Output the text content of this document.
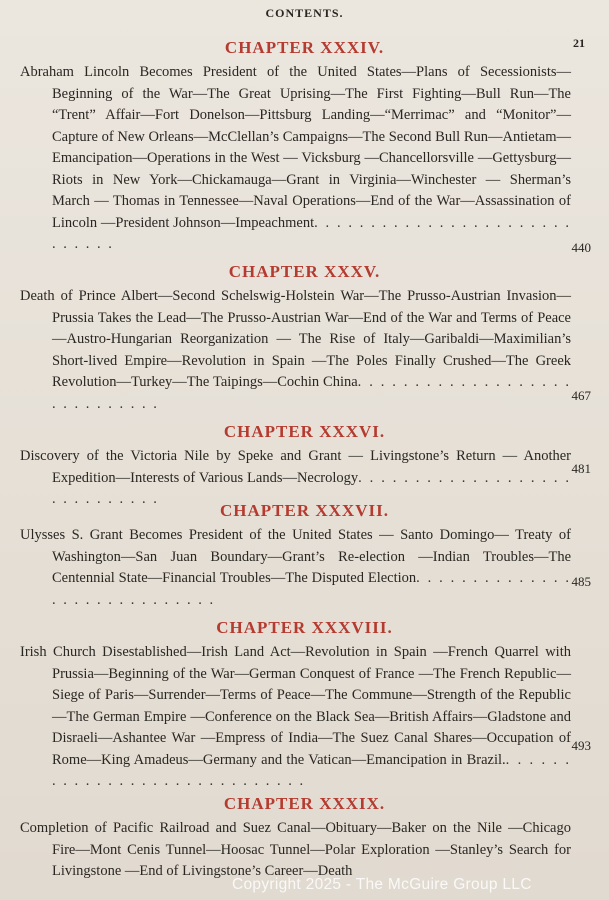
CONTENTS.
21
CHAPTER XXXIV.

Abraham Lincoln Becomes President of the United States—Plans of Secessionists—Beginning of the War—The Great Uprising—The First Fighting—Bull Run—The “Trent” Affair—Fort Donelson—Pittsburg Landing—“Merrimac” and “Monitor”—Capture of New Orleans—McClellan’s Campaigns—The Second Bull Run—Antietam—Emancipation—Operations in the West — Vicksburg —Chancellorsville —Gettysburg—Riots in New York—Chickamauga—Grant in Virginia—Winchester — Sherman’s March — Thomas in Tennessee—Naval Operations—End of the War—Assassination of Lincoln —President Johnson—Impeachment. . . . . . . . . . . . . . . . . . . . . . . . . . . . .	440
CHAPTER XXXV.

Death of Prince Albert—Second Schelswig-Holstein War—The Prusso-Austrian Invasion—Prussia Takes the Lead—The Prusso-Austrian War—End of the War and Terms of Peace—Austro-Hungarian Reorganization — The Rise of Italy—Garibaldi—Maximilian’s Short-lived Empire—Revolution in Spain —The Poles Finally Crushed—The Greek Revolution—Turkey—The Taipings—Cochin China. . . . . . . . . . . . . . . . . . . . . . . . . . . . .	467
CHAPTER XXXVI.

Discovery of the Victoria Nile by Speke and Grant — Livingstone’s Return — Another Expedition—Interests of Various Lands—Necrology. . . . . . . . . . . . . . . . . . . . . . . . . . . . .

481
CHAPTER XXXVII.

Ulysses S. Grant Becomes President of the United States — Santo Domingo— Treaty of Washington—San Juan Boundary—Grant’s Re-election —Indian Troubles—The Centennial State—Financial Troubles—The Disputed Election. . . . . . . . . . . . . . . . . . . . . . . . . . . . .

485
CHAPTER XXXVIII.

Irish Church Disestablished—Irish Land Act—Revolution in Spain —French Quarrel with Prussia—Beginning of the War—German Conquest of France —The French Republic—Siege of Paris—Surrender—Terms of Peace—The Commune—Strength of the Republic—The German Empire —Conference on the Black Sea—British Affairs—Gladstone and Disraeli—Ashantee War —Empress of India—The Suez Canal Shares—Occupation of Rome—King Amadeus—Germany and the Vatican—Emancipation in Brazil.. . . . . . . . . . . . . . . . . . . . . . . . . . . . .

493
CHAPTER XXXIX.

Completion of Pacific Railroad and Suez Canal—Obituary—Baker on the Nile —Chicago Fire—Mont Cenis Tunnel—Hoosac Tunnel—Polar Exploration —Stanley’s Search for Livingstone —End of Livingstone’s Career—Death

Copyright 2025 - The McGuire Group LLC
